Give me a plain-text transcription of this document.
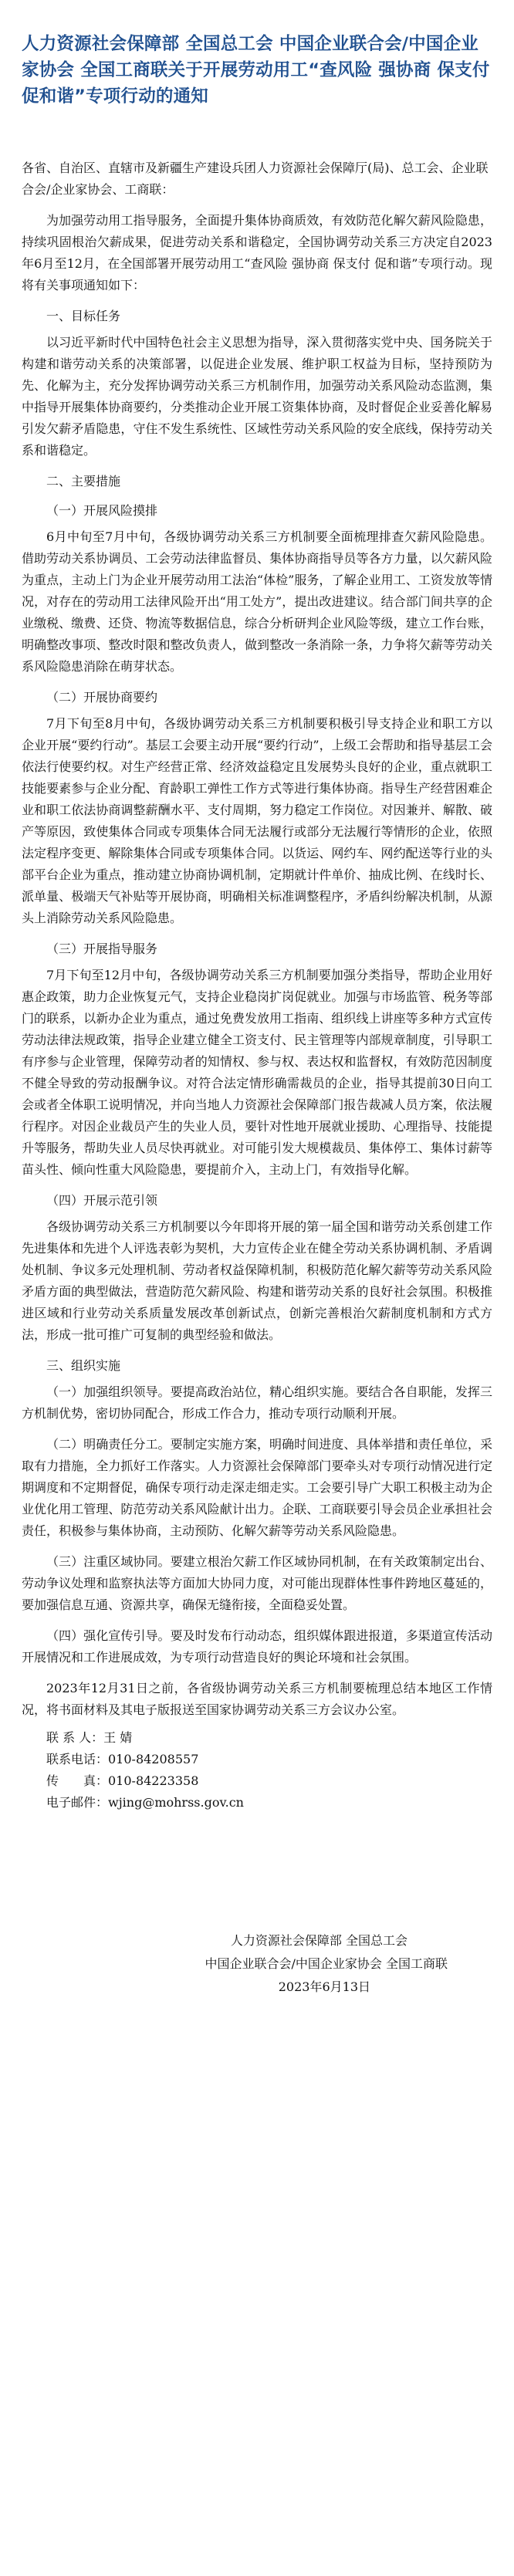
人力资源社会保障部 全国总工会 中国企业联合会/中国企业家协会 全国工商联关于开展劳动用工“查风险 强协商 保支付 促和谐”专项行动的通知
各省、自治区、直辖市及新疆生产建设兵团人力资源社会保障厅(局)、总工会、企业联合会/企业家协会、工商联：
为加强劳动用工指导服务，全面提升集体协商质效，有效防范化解欠薪风险隐患，持续巩固根治欠薪成果，促进劳动关系和谐稳定，全国协调劳动关系三方决定自2023年6月至12月，在全国部署开展劳动用工“查风险 强协商 保支付 促和谐”专项行动。现将有关事项通知如下：
一、目标任务
以习近平新时代中国特色社会主义思想为指导，深入贯彻落实党中央、国务院关于构建和谐劳动关系的决策部署，以促进企业发展、维护职工权益为目标，坚持预防为先、化解为主，充分发挥协调劳动关系三方机制作用，加强劳动关系风险动态监测，集中指导开展集体协商要约，分类推动企业开展工资集体协商，及时督促企业妥善化解易引发欠薪矛盾隐患，守住不发生系统性、区域性劳动关系风险的安全底线，保持劳动关系和谐稳定。
二、主要措施
（一）开展风险摸排
6月中旬至7月中旬，各级协调劳动关系三方机制要全面梳理排查欠薪风险隐患。借助劳动关系协调员、工会劳动法律监督员、集体协商指导员等各方力量，以欠薪风险为重点，主动上门为企业开展劳动用工法治“体检”服务，了解企业用工、工资发放等情况，对存在的劳动用工法律风险开出“用工处方”，提出改进建议。结合部门间共享的企业缴税、缴费、还贷、物流等数据信息，综合分析研判企业风险等级，建立工作台账，明确整改事项、整改时限和整改负责人，做到整改一条消除一条，力争将欠薪等劳动关系风险隐患消除在萌芽状态。
（二）开展协商要约
7月下旬至8月中旬，各级协调劳动关系三方机制要积极引导支持企业和职工方以企业开展“要约行动”。基层工会要主动开展“要约行动”，上级工会帮助和指导基层工会依法行使要约权。对生产经营正常、经济效益稳定且发展势头良好的企业，重点就职工技能要素参与企业分配、育龄职工弹性工作方式等进行集体协商。指导生产经营困难企业和职工依法协商调整薪酬水平、支付周期，努力稳定工作岗位。对因兼并、解散、破产等原因，致使集体合同或专项集体合同无法履行或部分无法履行等情形的企业，依照法定程序变更、解除集体合同或专项集体合同。以货运、网约车、网约配送等行业的头部平台企业为重点，推动建立协商协调机制，定期就计件单价、抽成比例、在线时长、派单量、极端天气补贴等开展协商，明确相关标准调整程序，矛盾纠纷解决机制，从源头上消除劳动关系风险隐患。
（三）开展指导服务
7月下旬至12月中旬，各级协调劳动关系三方机制要加强分类指导，帮助企业用好惠企政策，助力企业恢复元气，支持企业稳岗扩岗促就业。加强与市场监管、税务等部门的联系，以新办企业为重点，通过免费发放用工指南、组织线上讲座等多种方式宣传劳动法律法规政策，指导企业建立健全工资支付、民主管理等内部规章制度，引导职工有序参与企业管理，保障劳动者的知情权、参与权、表达权和监督权，有效防范因制度不健全导致的劳动报酬争议。对符合法定情形确需裁员的企业，指导其提前30日向工会或者全体职工说明情况，并向当地人力资源社会保障部门报告裁减人员方案，依法履行程序。对因企业裁员产生的失业人员，要针对性地开展就业援助、心理指导、技能提升等服务，帮助失业人员尽快再就业。对可能引发大规模裁员、集体停工、集体讨薪等苗头性、倾向性重大风险隐患，要提前介入，主动上门，有效指导化解。
（四）开展示范引领
各级协调劳动关系三方机制要以今年即将开展的第一届全国和谐劳动关系创建工作先进集体和先进个人评选表彰为契机，大力宣传企业在健全劳动关系协调机制、矛盾调处机制、争议多元处理机制、劳动者权益保障机制，积极防范化解欠薪等劳动关系风险矛盾方面的典型做法，营造防范欠薪风险、构建和谐劳动关系的良好社会氛围。积极推进区域和行业劳动关系质量发展改革创新试点，创新完善根治欠薪制度机制和方式方法，形成一批可推广可复制的典型经验和做法。
三、组织实施
（一）加强组织领导。要提高政治站位，精心组织实施。要结合各自职能，发挥三方机制优势，密切协同配合，形成工作合力，推动专项行动顺利开展。
（二）明确责任分工。要制定实施方案，明确时间进度、具体举措和责任单位，采取有力措施，全力抓好工作落实。人力资源社会保障部门要牵头对专项行动情况进行定期调度和不定期督促，确保专项行动走深走细走实。工会要引导广大职工积极主动为企业优化用工管理、防范劳动关系风险献计出力。企联、工商联要引导会员企业承担社会责任，积极参与集体协商，主动预防、化解欠薪等劳动关系风险隐患。
（三）注重区域协同。要建立根治欠薪工作区域协同机制，在有关政策制定出台、劳动争议处理和监察执法等方面加大协同力度，对可能出现群体性事件跨地区蔓延的，要加强信息互通、资源共享，确保无缝衔接，全面稳妥处置。
（四）强化宣传引导。要及时发布行动动态，组织媒体跟进报道，多渠道宣传活动开展情况和工作进展成效，为专项行动营造良好的舆论环境和社会氛围。
2023年12月31日之前，各省级协调劳动关系三方机制要梳理总结本地区工作情况，将书面材料及其电子版报送至国家协调劳动关系三方会议办公室。
联 系 人：王 婧
联系电话：010-84208557
传　　真：010-84223358
电子邮件：wjing@mohrss.gov.cn
人力资源社会保障部 全国总工会
中国企业联合会/中国企业家协会 全国工商联
2023年6月13日
